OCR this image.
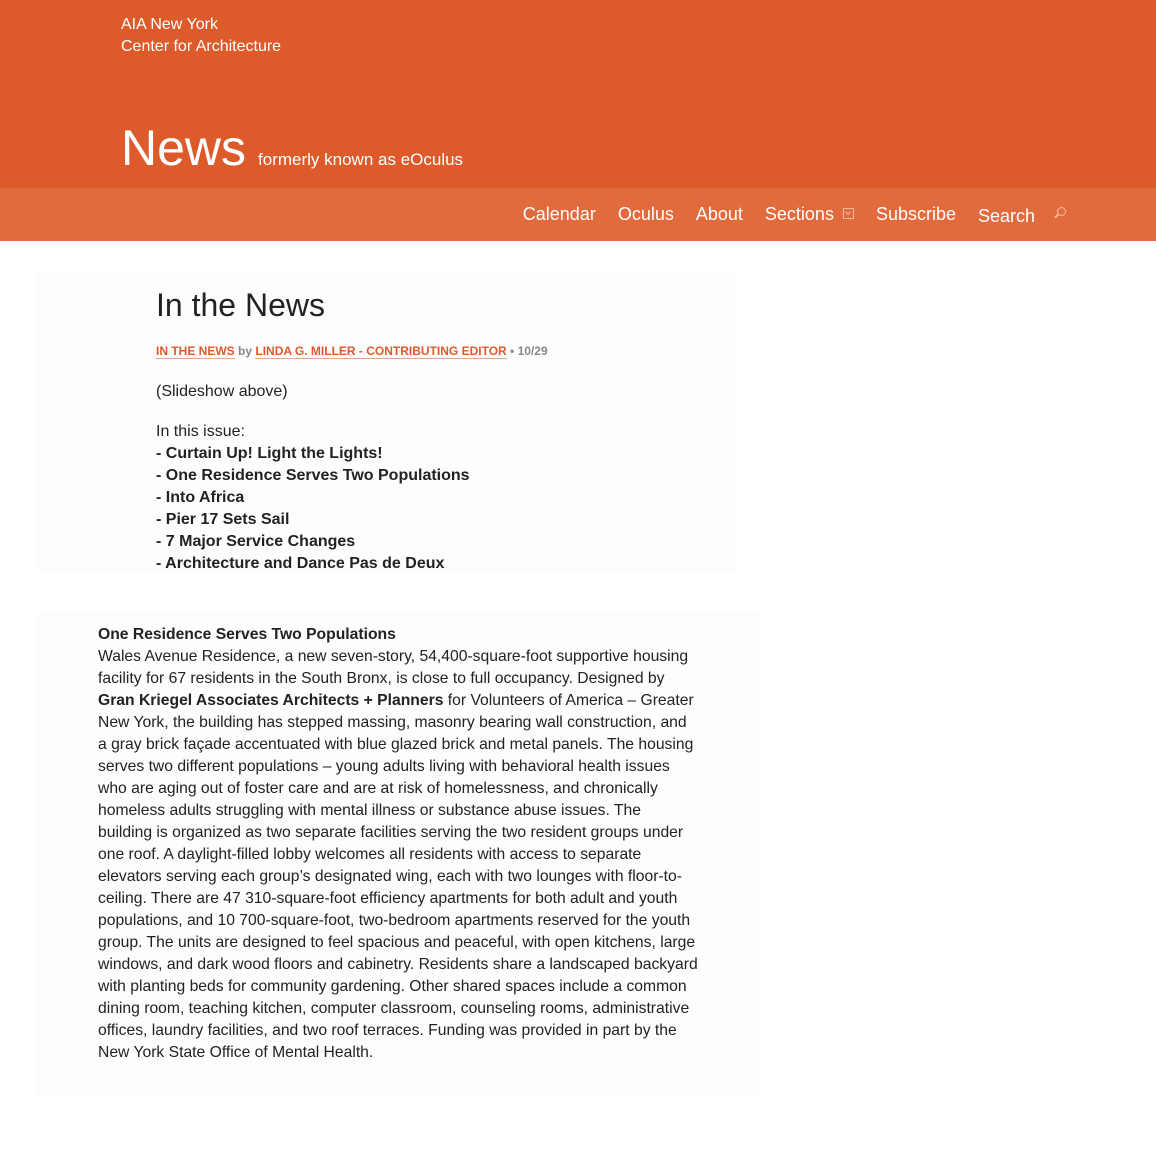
AIA New York
Center for Architecture
News formerly known as eOculus
Calendar Oculus About Sections Subscribe
Search
In the News
IN THE NEWS by LINDA G. MILLER - CONTRIBUTING EDITOR • 10/29
(Slideshow above)
In this issue:
- Curtain Up! Light the Lights!
- One Residence Serves Two Populations
- Into Africa
- Pier 17 Sets Sail
- 7 Major Service Changes
- Architecture and Dance Pas de Deux
One Residence Serves Two Populations
Wales Avenue Residence, a new seven-story, 54,400-square-foot supportive housing facility for 67 residents in the South Bronx, is close to full occupancy. Designed by Gran Kriegel Associates Architects + Planners for Volunteers of America – Greater New York, the building has stepped massing, masonry bearing wall construction, and a gray brick façade accentuated with blue glazed brick and metal panels. The housing serves two different populations – young adults living with behavioral health issues who are aging out of foster care and are at risk of homelessness, and chronically homeless adults struggling with mental illness or substance abuse issues. The building is organized as two separate facilities serving the two resident groups under one roof. A daylight-filled lobby welcomes all residents with access to separate elevators serving each group’s designated wing, each with two lounges with floor-to-ceiling. There are 47 310-square-foot efficiency apartments for both adult and youth populations, and 10 700-square-foot, two-bedroom apartments reserved for the youth group. The units are designed to feel spacious and peaceful, with open kitchens, large windows, and dark wood floors and cabinetry. Residents share a landscaped backyard with planting beds for community gardening. Other shared spaces include a common dining room, teaching kitchen, computer classroom, counseling rooms, administrative offices, laundry facilities, and two roof terraces. Funding was provided in part by the New York State Office of Mental Health.
